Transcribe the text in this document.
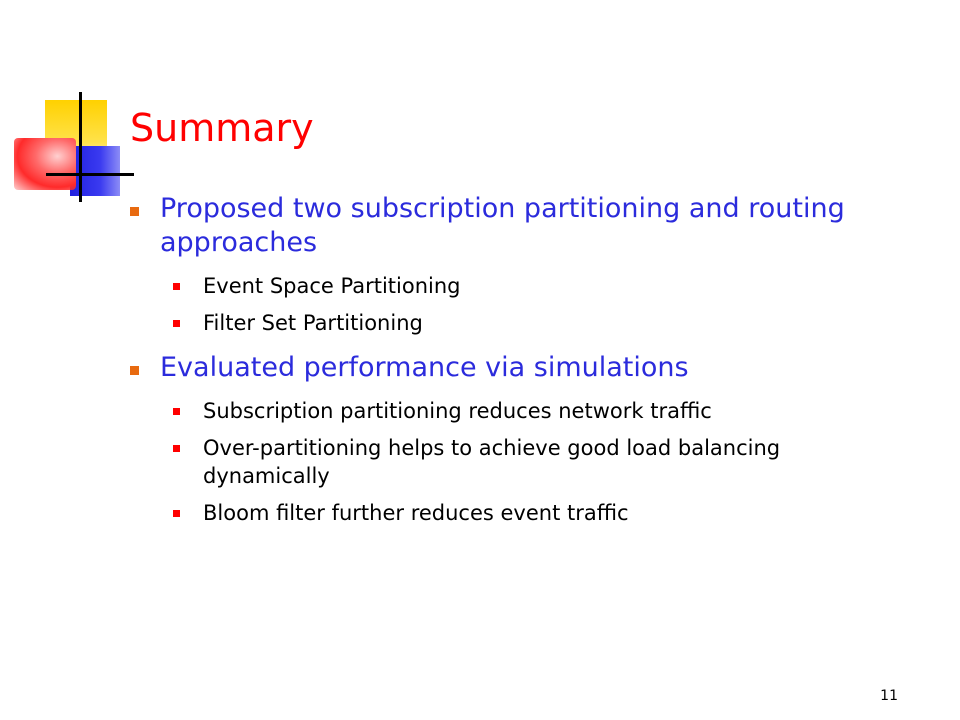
Summary
Proposed two subscription partitioning and routing approaches
Event Space Partitioning
Filter Set Partitioning
Evaluated performance via simulations
Subscription partitioning reduces network traffic
Over-partitioning helps to achieve good load balancing dynamically
Bloom filter further reduces event traffic
11
